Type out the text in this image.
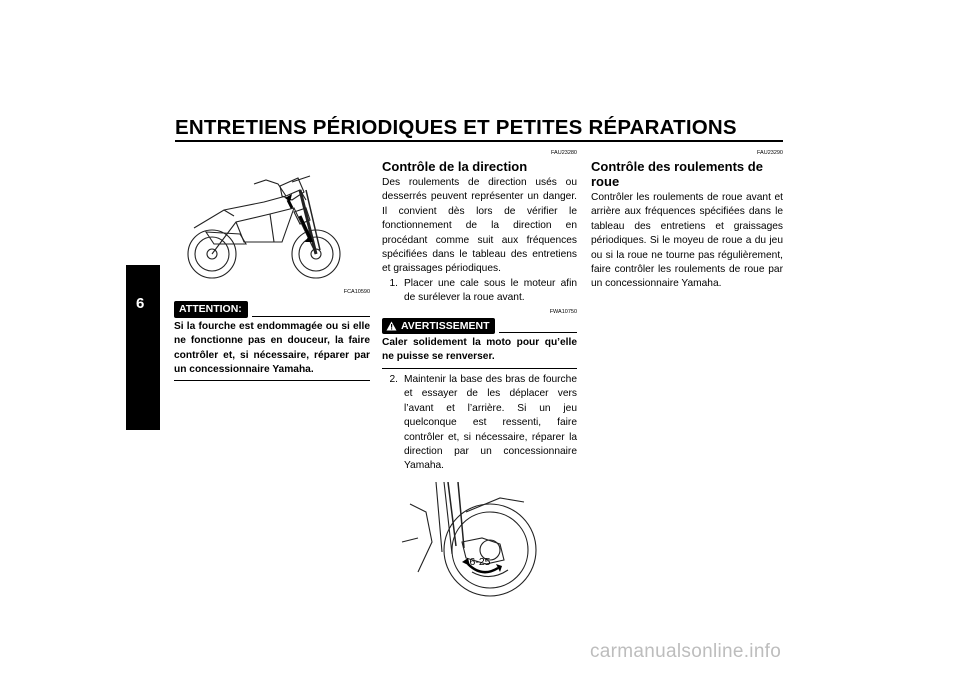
ENTRETIENS PÉRIODIQUES ET PETITES RÉPARATIONS
6
FCA10590
ATTENTION:
Si la fourche est endommagée ou si elle ne fonctionne pas en douceur, la faire contrôler et, si nécessaire, réparer par un concessionnaire Yamaha.
FAU23280
Contrôle de la direction
Des roulements de direction usés ou desserrés peuvent représenter un danger. Il convient dès lors de vérifier le fonctionnement de la direction en procédant comme suit aux fréquences spécifiées dans le tableau des entretiens et graissages périodiques.
1. Placer une cale sous le moteur afin de surélever la roue avant.
FWA10750
AVERTISSEMENT
Caler solidement la moto pour qu’elle ne puisse se renverser.
2. Maintenir la base des bras de fourche et essayer de les déplacer vers l’avant et l’arrière. Si un jeu quelconque est ressenti, faire contrôler et, si nécessaire, réparer la direction par un concessionnaire Yamaha.
FAU23290
Contrôle des roulements de roue
Contrôler les roulements de roue avant et arrière aux fréquences spécifiées dans le tableau des entretiens et graissages périodiques. Si le moyeu de roue a du jeu ou si la roue ne tourne pas régulièrement, faire contrôler les roulements de roue par un concessionnaire Yamaha.
6-25
carmanualsonline.info
